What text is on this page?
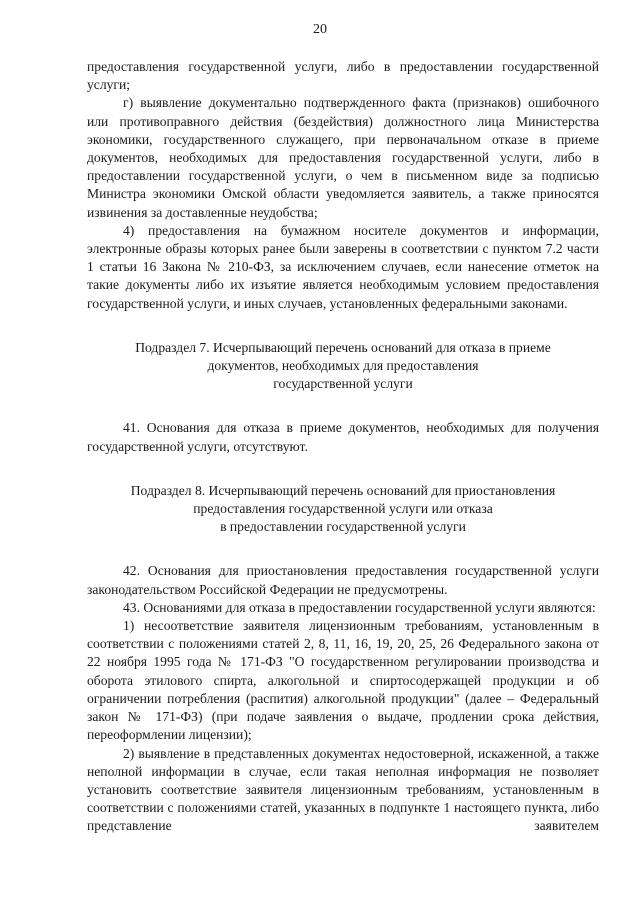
20

предоставления государственной услуги, либо в предоставлении государственной услуги;

г) выявление документально подтвержденного факта (признаков) ошибочного или противоправного действия (бездействия) должностного лица Министерства экономики, государственного служащего, при первоначальном отказе в приеме документов, необходимых для предоставления государственной услуги, либо в предоставлении государственной услуги, о чем в письменном виде за подписью Министра экономики Омской области уведомляется заявитель, а также приносятся извинения за доставленные неудобства;

4) предоставления на бумажном носителе документов и информации, электронные образы которых ранее были заверены в соответствии с пунктом 7.2 части 1 статьи 16 Закона № 210-ФЗ, за исключением случаев, если нанесение отметок на такие документы либо их изъятие является необходимым условием предоставления государственной услуги, и иных случаев, установленных федеральными законами.

Подраздел 7. Исчерпывающий перечень оснований для отказа в приеме

документов, необходимых для предоставления

государственной услуги

41. Основания для отказа в приеме документов, необходимых для получения государственной услуги, отсутствуют.

Подраздел 8. Исчерпывающий перечень оснований для приостановления

предоставления государственной услуги или отказа

в предоставлении государственной услуги

42. Основания для приостановления предоставления государственной услуги законодательством Российской Федерации не предусмотрены.

43. Основаниями для отказа в предоставлении государственной услуги являются:

1) несоответствие заявителя лицензионным требованиям, установленным в соответствии с положениями статей 2, 8, 11, 16, 19, 20, 25, 26 Федерального закона от 22 ноября 1995 года № 171-ФЗ "О государственном регулировании производства и оборота этилового спирта, алкогольной и спиртосодержащей продукции и об ограничении потребления (распития) алкогольной продукции" (далее – Федеральный закон № 171-ФЗ) (при подаче заявления о выдаче, продлении срока действия, переоформлении лицензии);

2) выявление в представленных документах недостоверной, искаженной, а также неполной информации в случае, если такая неполная информация не позволяет установить соответствие заявителя лицензионным требованиям, установленным в соответствии с положениями статей, указанных в подпункте 1 настоящего пункта, либо представление заявителем
